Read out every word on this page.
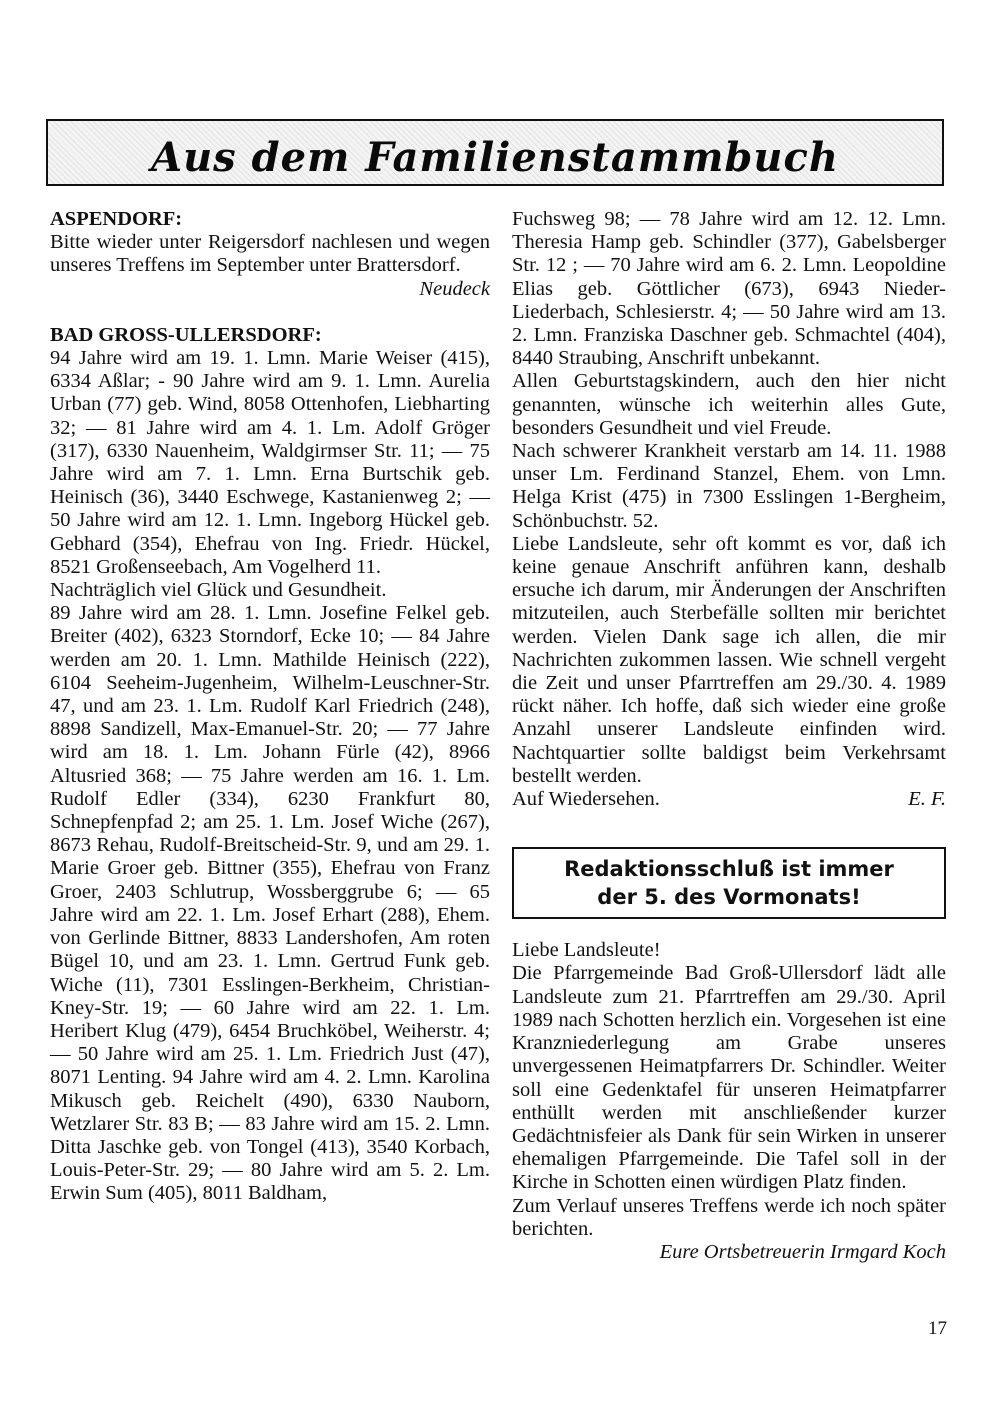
Aus dem Familienstammbuch

ASPENDORF:

Bitte wieder unter Reigersdorf nachlesen und wegen unseres Treffens im September unter Brattersdorf.

Neudeck

BAD GROSS-ULLERSDORF:

94 Jahre wird am 19. 1. Lmn. Marie Weiser (415), 6334 Aßlar; - 90 Jahre wird am 9. 1. Lmn. Aurelia Urban (77) geb. Wind, 8058 Ottenhofen, Liebharting 32; — 81 Jahre wird am 4. 1. Lm. Adolf Gröger (317), 6330 Nauenheim, Waldgirmser Str. 11; — 75 Jahre wird am 7. 1. Lmn. Erna Burtschik geb. Heinisch (36), 3440 Eschwege, Kastanienweg 2; — 50 Jahre wird am 12. 1. Lmn. Ingeborg Hückel geb. Gebhard (354), Ehefrau von Ing. Friedr. Hückel, 8521 Großenseebach, Am Vogelherd 11.

Nachträglich viel Glück und Gesundheit.

89 Jahre wird am 28. 1. Lmn. Josefine Felkel geb. Breiter (402), 6323 Storndorf, Ecke 10; — 84 Jahre werden am 20. 1. Lmn. Mathilde Heinisch (222), 6104 Seeheim-Jugenheim, Wilhelm-Leuschner-Str. 47, und am 23. 1. Lm. Rudolf Karl Friedrich (248), 8898 Sandizell, Max-Emanuel-Str. 20; — 77 Jahre wird am 18. 1. Lm. Johann Fürle (42), 8966 Altusried 368; — 75 Jahre werden am 16. 1. Lm. Rudolf Edler (334), 6230 Frankfurt 80, Schnepfenpfad 2; am 25. 1. Lm. Josef Wiche (267), 8673 Rehau, Rudolf-Breitscheid-Str. 9, und am 29. 1. Marie Groer geb. Bittner (355), Ehefrau von Franz Groer, 2403 Schlutrup, Wossberggrube 6; — 65 Jahre wird am 22. 1. Lm. Josef Erhart (288), Ehem. von Gerlinde Bittner, 8833 Landershofen, Am roten Bügel 10, und am 23. 1. Lmn. Gertrud Funk geb. Wiche (11), 7301 Esslingen-Berkheim, Christian-Kney-Str. 19; — 60 Jahre wird am 22. 1. Lm. Heribert Klug (479), 6454 Bruchköbel, Weiherstr. 4; — 50 Jahre wird am 25. 1. Lm. Friedrich Just (47), 8071 Lenting. 94 Jahre wird am 4. 2. Lmn. Karolina Mikusch geb. Reichelt (490), 6330 Nauborn, Wetzlarer Str. 83 B; — 83 Jahre wird am 15. 2. Lmn. Ditta Jaschke geb. von Tongel (413), 3540 Korbach, Louis-Peter-Str. 29; — 80 Jahre wird am 5. 2. Lm. Erwin Sum (405), 8011 Baldham,

Fuchsweg 98; — 78 Jahre wird am 12. 12. Lmn. Theresia Hamp geb. Schindler (377), Gabelsberger Str. 12 ; — 70 Jahre wird am 6. 2. Lmn. Leopoldine Elias geb. Göttlicher (673), 6943 Nieder-Liederbach, Schlesierstr. 4; — 50 Jahre wird am 13. 2. Lmn. Franziska Daschner geb. Schmachtel (404), 8440 Straubing, Anschrift unbekannt.

Allen Geburtstagskindern, auch den hier nicht genannten, wünsche ich weiterhin alles Gute, besonders Gesundheit und viel Freude.

Nach schwerer Krankheit verstarb am 14. 11. 1988 unser Lm. Ferdinand Stanzel, Ehem. von Lmn. Helga Krist (475) in 7300 Esslingen 1-Bergheim, Schönbuchstr. 52.

Liebe Landsleute, sehr oft kommt es vor, daß ich keine genaue Anschrift anführen kann, deshalb ersuche ich darum, mir Änderungen der Anschriften mitzuteilen, auch Sterbefälle sollten mir berichtet werden. Vielen Dank sage ich allen, die mir Nachrichten zukommen lassen. Wie schnell vergeht die Zeit und unser Pfarrtreffen am 29./30. 4. 1989 rückt näher. Ich hoffe, daß sich wieder eine große Anzahl unserer Landsleute einfinden wird. Nachtquartier sollte baldigst beim Verkehrsamt bestellt werden.

Auf Wiedersehen.	E. F.
Redaktionsschluß ist immer
der 5. des Vormonats!

Liebe Landsleute!

Die Pfarrgemeinde Bad Groß-Ullersdorf lädt alle Landsleute zum 21. Pfarrtreffen am 29./30. April 1989 nach Schotten herzlich ein. Vorgesehen ist eine Kranzniederlegung am Grabe unseres unvergessenen Heimatpfarrers Dr. Schindler. Weiter soll eine Gedenktafel für unseren Heimatpfarrer enthüllt werden mit anschließender kurzer Gedächtnisfeier als Dank für sein Wirken in unserer ehemaligen Pfarrgemeinde. Die Tafel soll in der Kirche in Schotten einen würdigen Platz finden.

Zum Verlauf unseres Treffens werde ich noch später berichten.

Eure Ortsbetreuerin Irmgard Koch

17
